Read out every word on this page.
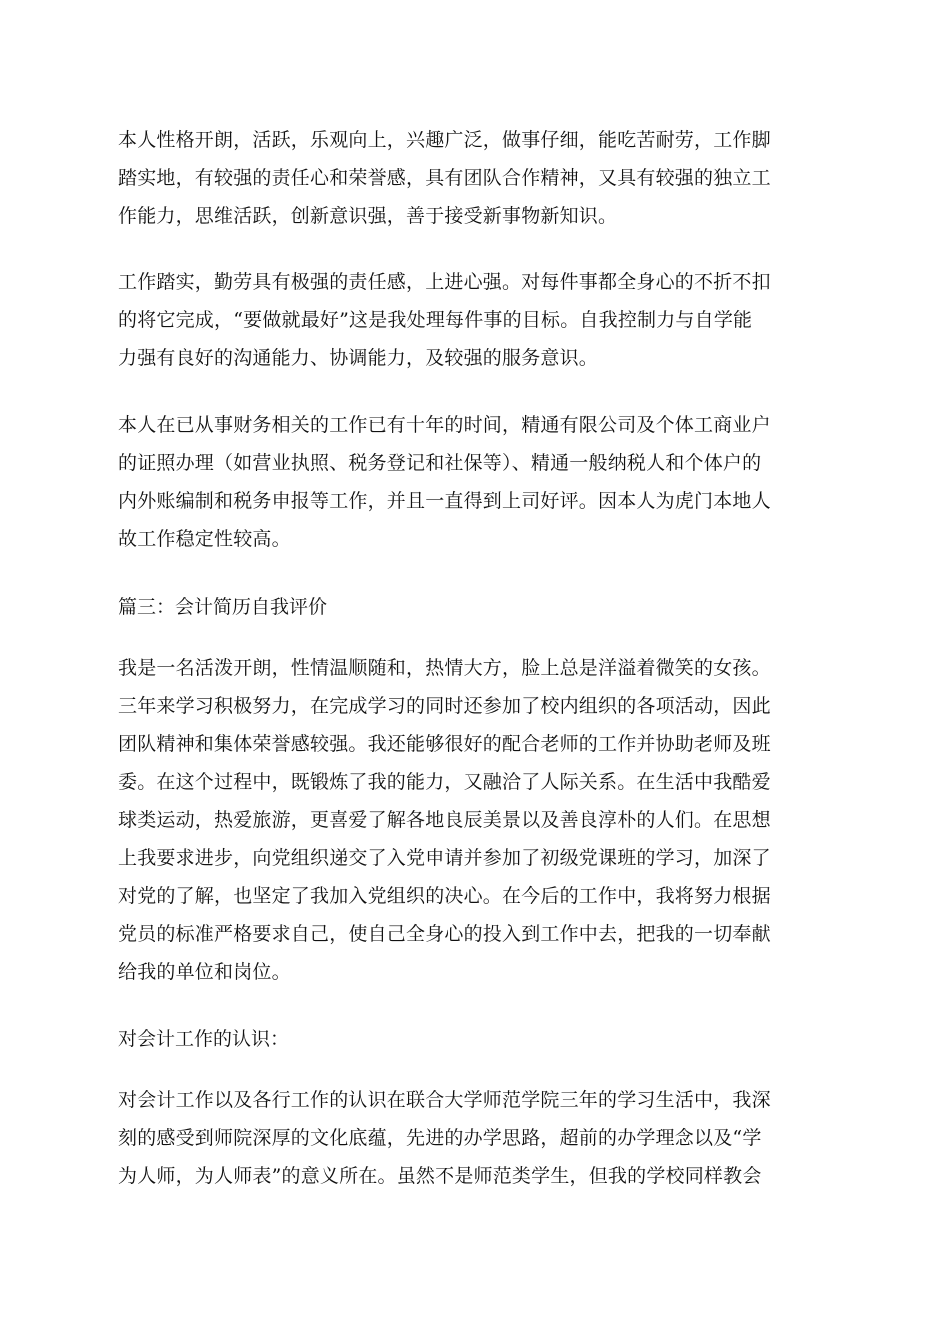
本人性格开朗，活跃，乐观向上，兴趣广泛，做事仔细，能吃苦耐劳，工作脚
踏实地，有较强的责任心和荣誉感，具有团队合作精神，又具有较强的独立工
作能力，思维活跃，创新意识强，善于接受新事物新知识。
工作踏实，勤劳具有极强的责任感，上进心强。对每件事都全身心的不折不扣
的将它完成，“要做就最好”这是我处理每件事的目标。自我控制力与自学能
力强有良好的沟通能力、协调能力，及较强的服务意识。
本人在已从事财务相关的工作已有十年的时间，精通有限公司及个体工商业户
的证照办理（如营业执照、税务登记和社保等）、精通一般纳税人和个体户的
内外账编制和税务申报等工作，并且一直得到上司好评。因本人为虎门本地人
故工作稳定性较高。
篇三：会计简历自我评价
我是一名活泼开朗，性情温顺随和，热情大方，脸上总是洋溢着微笑的女孩。
三年来学习积极努力，在完成学习的同时还参加了校内组织的各项活动，因此
团队精神和集体荣誉感较强。我还能够很好的配合老师的工作并协助老师及班
委。在这个过程中，既锻炼了我的能力，又融洽了人际关系。在生活中我酷爱
球类运动，热爱旅游，更喜爱了解各地良辰美景以及善良淳朴的人们。在思想
上我要求进步，向党组织递交了入党申请并参加了初级党课班的学习，加深了
对党的了解，也坚定了我加入党组织的决心。在今后的工作中，我将努力根据
党员的标准严格要求自己，使自己全身心的投入到工作中去，把我的一切奉献
给我的单位和岗位。
对会计工作的认识：
对会计工作以及各行工作的认识在联合大学师范学院三年的学习生活中，我深
刻的感受到师院深厚的文化底蕴，先进的办学思路，超前的办学理念以及“学
为人师，为人师表”的意义所在。虽然不是师范类学生，但我的学校同样教会
